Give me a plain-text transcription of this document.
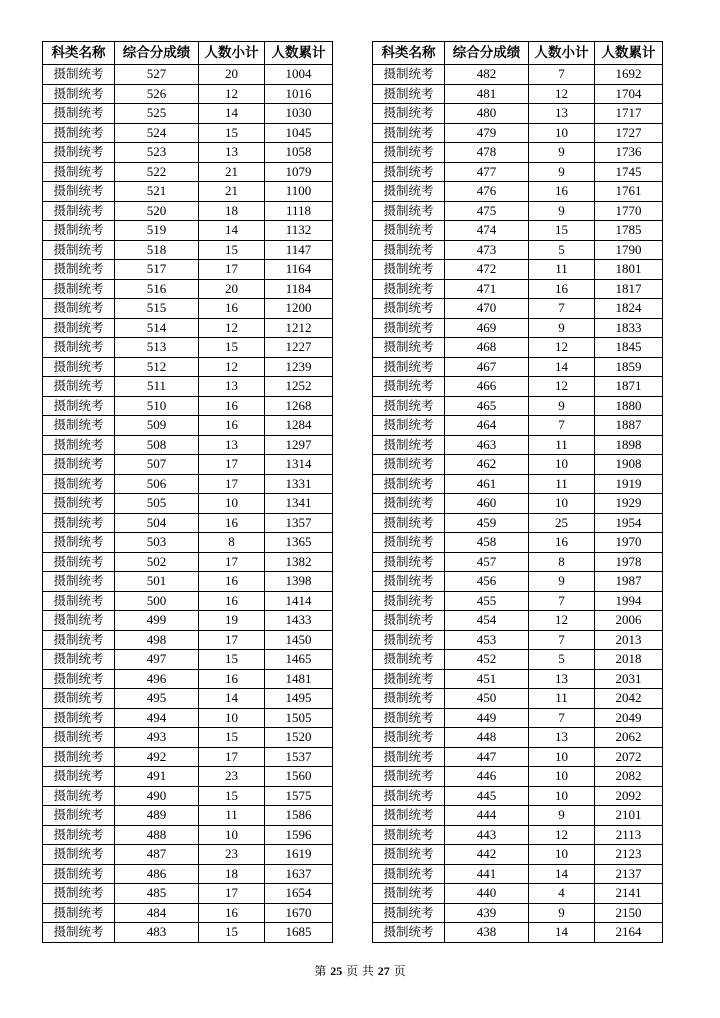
科类名称	综合分成绩	人数小计	人数累计
摄制统考	527	20	1004
摄制统考	526	12	1016
摄制统考	525	14	1030
摄制统考	524	15	1045
摄制统考	523	13	1058
摄制统考	522	21	1079
摄制统考	521	21	1100
摄制统考	520	18	1118
摄制统考	519	14	1132
摄制统考	518	15	1147
摄制统考	517	17	1164
摄制统考	516	20	1184
摄制统考	515	16	1200
摄制统考	514	12	1212
摄制统考	513	15	1227
摄制统考	512	12	1239
摄制统考	511	13	1252
摄制统考	510	16	1268
摄制统考	509	16	1284
摄制统考	508	13	1297
摄制统考	507	17	1314
摄制统考	506	17	1331
摄制统考	505	10	1341
摄制统考	504	16	1357
摄制统考	503	8	1365
摄制统考	502	17	1382
摄制统考	501	16	1398
摄制统考	500	16	1414
摄制统考	499	19	1433
摄制统考	498	17	1450
摄制统考	497	15	1465
摄制统考	496	16	1481
摄制统考	495	14	1495
摄制统考	494	10	1505
摄制统考	493	15	1520
摄制统考	492	17	1537
摄制统考	491	23	1560
摄制统考	490	15	1575
摄制统考	489	11	1586
摄制统考	488	10	1596
摄制统考	487	23	1619
摄制统考	486	18	1637
摄制统考	485	17	1654
摄制统考	484	16	1670
摄制统考	483	15	1685
科类名称	综合分成绩	人数小计	人数累计
摄制统考	482	7	1692
摄制统考	481	12	1704
摄制统考	480	13	1717
摄制统考	479	10	1727
摄制统考	478	9	1736
摄制统考	477	9	1745
摄制统考	476	16	1761
摄制统考	475	9	1770
摄制统考	474	15	1785
摄制统考	473	5	1790
摄制统考	472	11	1801
摄制统考	471	16	1817
摄制统考	470	7	1824
摄制统考	469	9	1833
摄制统考	468	12	1845
摄制统考	467	14	1859
摄制统考	466	12	1871
摄制统考	465	9	1880
摄制统考	464	7	1887
摄制统考	463	11	1898
摄制统考	462	10	1908
摄制统考	461	11	1919
摄制统考	460	10	1929
摄制统考	459	25	1954
摄制统考	458	16	1970
摄制统考	457	8	1978
摄制统考	456	9	1987
摄制统考	455	7	1994
摄制统考	454	12	2006
摄制统考	453	7	2013
摄制统考	452	5	2018
摄制统考	451	13	2031
摄制统考	450	11	2042
摄制统考	449	7	2049
摄制统考	448	13	2062
摄制统考	447	10	2072
摄制统考	446	10	2082
摄制统考	445	10	2092
摄制统考	444	9	2101
摄制统考	443	12	2113
摄制统考	442	10	2123
摄制统考	441	14	2137
摄制统考	440	4	2141
摄制统考	439	9	2150
摄制统考	438	14	2164
第 25 页 共 27 页
